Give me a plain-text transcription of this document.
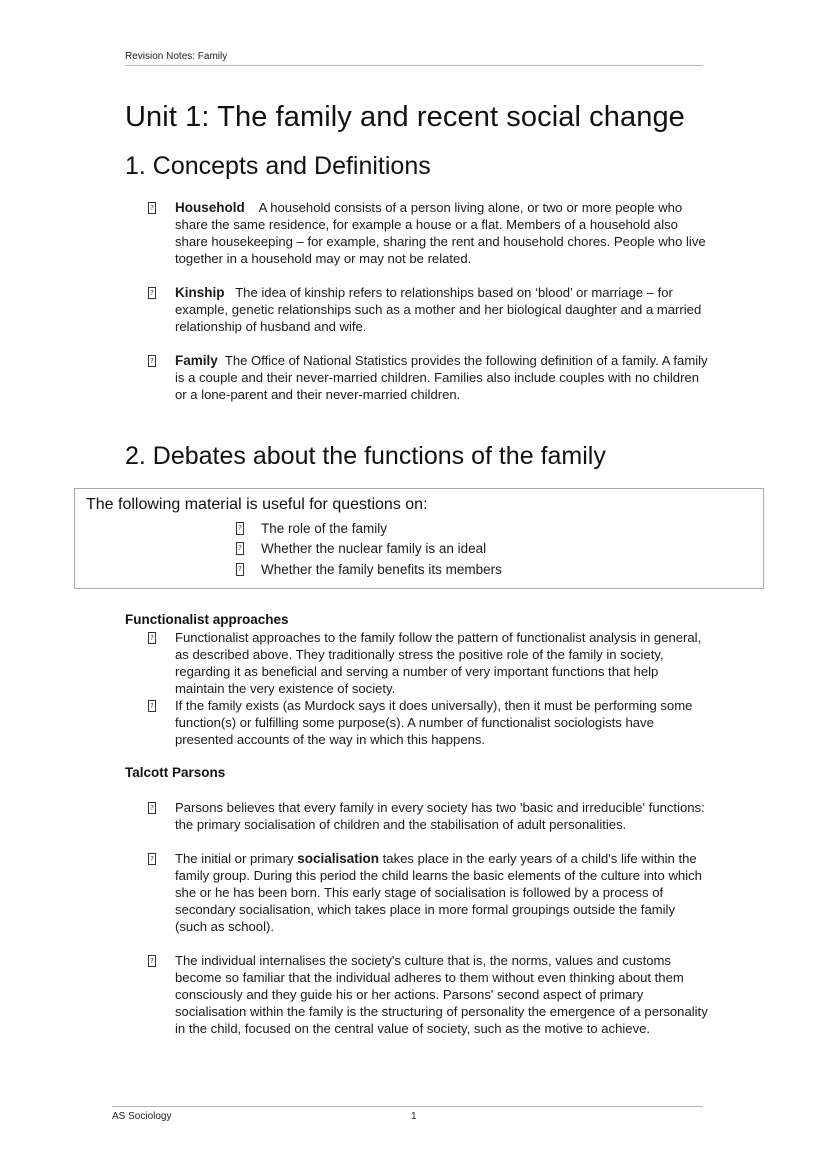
Revision Notes: Family
Unit 1: The family and recent social change
1. Concepts and Definitions
? Household A household consists of a person living alone, or two or more people who share the same residence, for example a house or a flat. Members of a household also share housekeeping – for example, sharing the rent and household chores. People who live together in a household may or may not be related.
? Kinship The idea of kinship refers to relationships based on ‘blood’ or marriage – for example, genetic relationships such as a mother and her biological daughter and a married relationship of husband and wife.
? Family The Office of National Statistics provides the following definition of a family. A family is a couple and their never-married children. Families also include couples with no children or a lone-parent and their never-married children.
2. Debates about the functions of the family
The following material is useful for questions on:
? The role of the family
? Whether the nuclear family is an ideal
? Whether the family benefits its members
Functionalist approaches
? Functionalist approaches to the family follow the pattern of functionalist analysis in general, as described above. They traditionally stress the positive role of the family in society, regarding it as beneficial and serving a number of very important functions that help maintain the very existence of society.
? If the family exists (as Murdock says it does universally), then it must be performing some function(s) or fulfilling some purpose(s). A number of functionalist sociologists have presented accounts of the way in which this happens.
Talcott Parsons
? Parsons believes that every family in every society has two 'basic and irreducible' functions: the primary socialisation of children and the stabilisation of adult personalities.
? The initial or primary socialisation takes place in the early years of a child's life within the family group. During this period the child learns the basic elements of the culture into which she or he has been born. This early stage of socialisation is followed by a process of secondary socialisation, which takes place in more formal groupings outside the family (such as school).
? The individual internalises the society's culture that is, the norms, values and customs become so familiar that the individual adheres to them without even thinking about them consciously and they guide his or her actions. Parsons' second aspect of primary socialisation within the family is the structuring of personality the emergence of a personality in the child, focused on the central value of society, such as the motive to achieve.
AS Sociology	1
